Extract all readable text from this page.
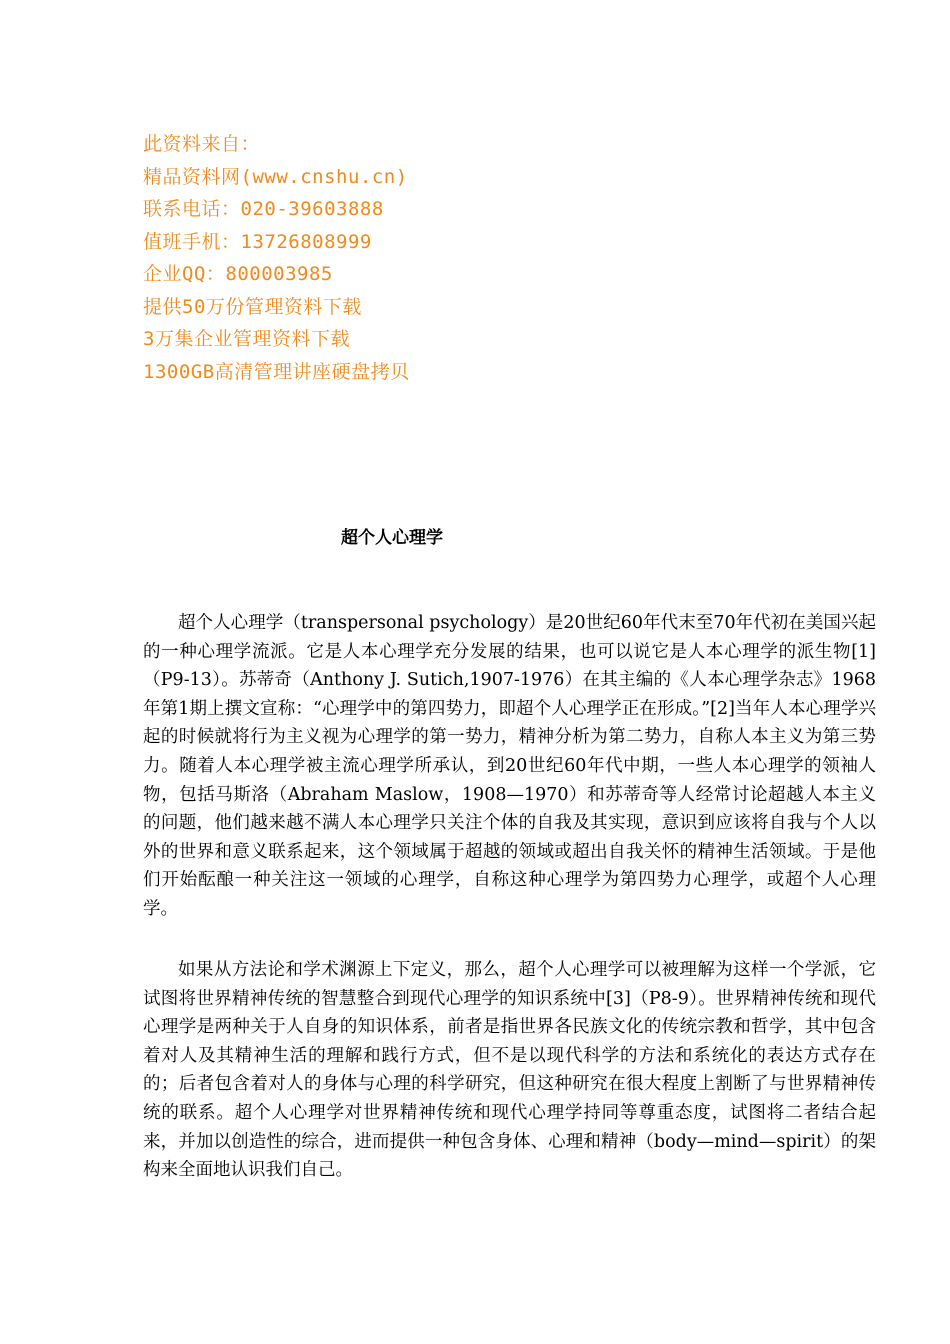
此资料来自：
精品资料网(www.cnshu.cn)
联系电话：020-39603888
值班手机：13726808999
企业QQ：800003985
提供50万份管理资料下载
3万集企业管理资料下载
1300GB高清管理讲座硬盘拷贝
超个人心理学

超个人心理学（transpersonal psychology）是20世纪60年代末至70年代初在美国兴起的一种心理学流派。它是人本心理学充分发展的结果，也可以说它是人本心理学的派生物[1]（P9-13）。苏蒂奇（Anthony J. Sutich,1907-1976）在其主编的《人本心理学杂志》1968年第1期上撰文宣称：“心理学中的第四势力，即超个人心理学正在形成。”[2]当年人本心理学兴起的时候就将行为主义视为心理学的第一势力，精神分析为第二势力，自称人本主义为第三势力。随着人本心理学被主流心理学所承认，到20世纪60年代中期，一些人本心理学的领袖人物，包括马斯洛（Abraham Maslow，1908—1970）和苏蒂奇等人经常讨论超越人本主义的问题，他们越来越不满人本心理学只关注个体的自我及其实现，意识到应该将自我与个人以外的世界和意义联系起来，这个领域属于超越的领域或超出自我关怀的精神生活领域。于是他们开始酝酿一种关注这一领域的心理学，自称这种心理学为第四势力心理学，或超个人心理学。

如果从方法论和学术渊源上下定义，那么，超个人心理学可以被理解为这样一个学派，它试图将世界精神传统的智慧整合到现代心理学的知识系统中[3]（P8-9）。世界精神传统和现代心理学是两种关于人自身的知识体系，前者是指世界各民族文化的传统宗教和哲学，其中包含着对人及其精神生活的理解和践行方式，但不是以现代科学的方法和系统化的表达方式存在的；后者包含着对人的身体与心理的科学研究，但这种研究在很大程度上割断了与世界精神传统的联系。超个人心理学对世界精神传统和现代心理学持同等尊重态度，试图将二者结合起来，并加以创造性的综合，进而提供一种包含身体、心理和精神（body—mind—spirit）的架构来全面地认识我们自己。
